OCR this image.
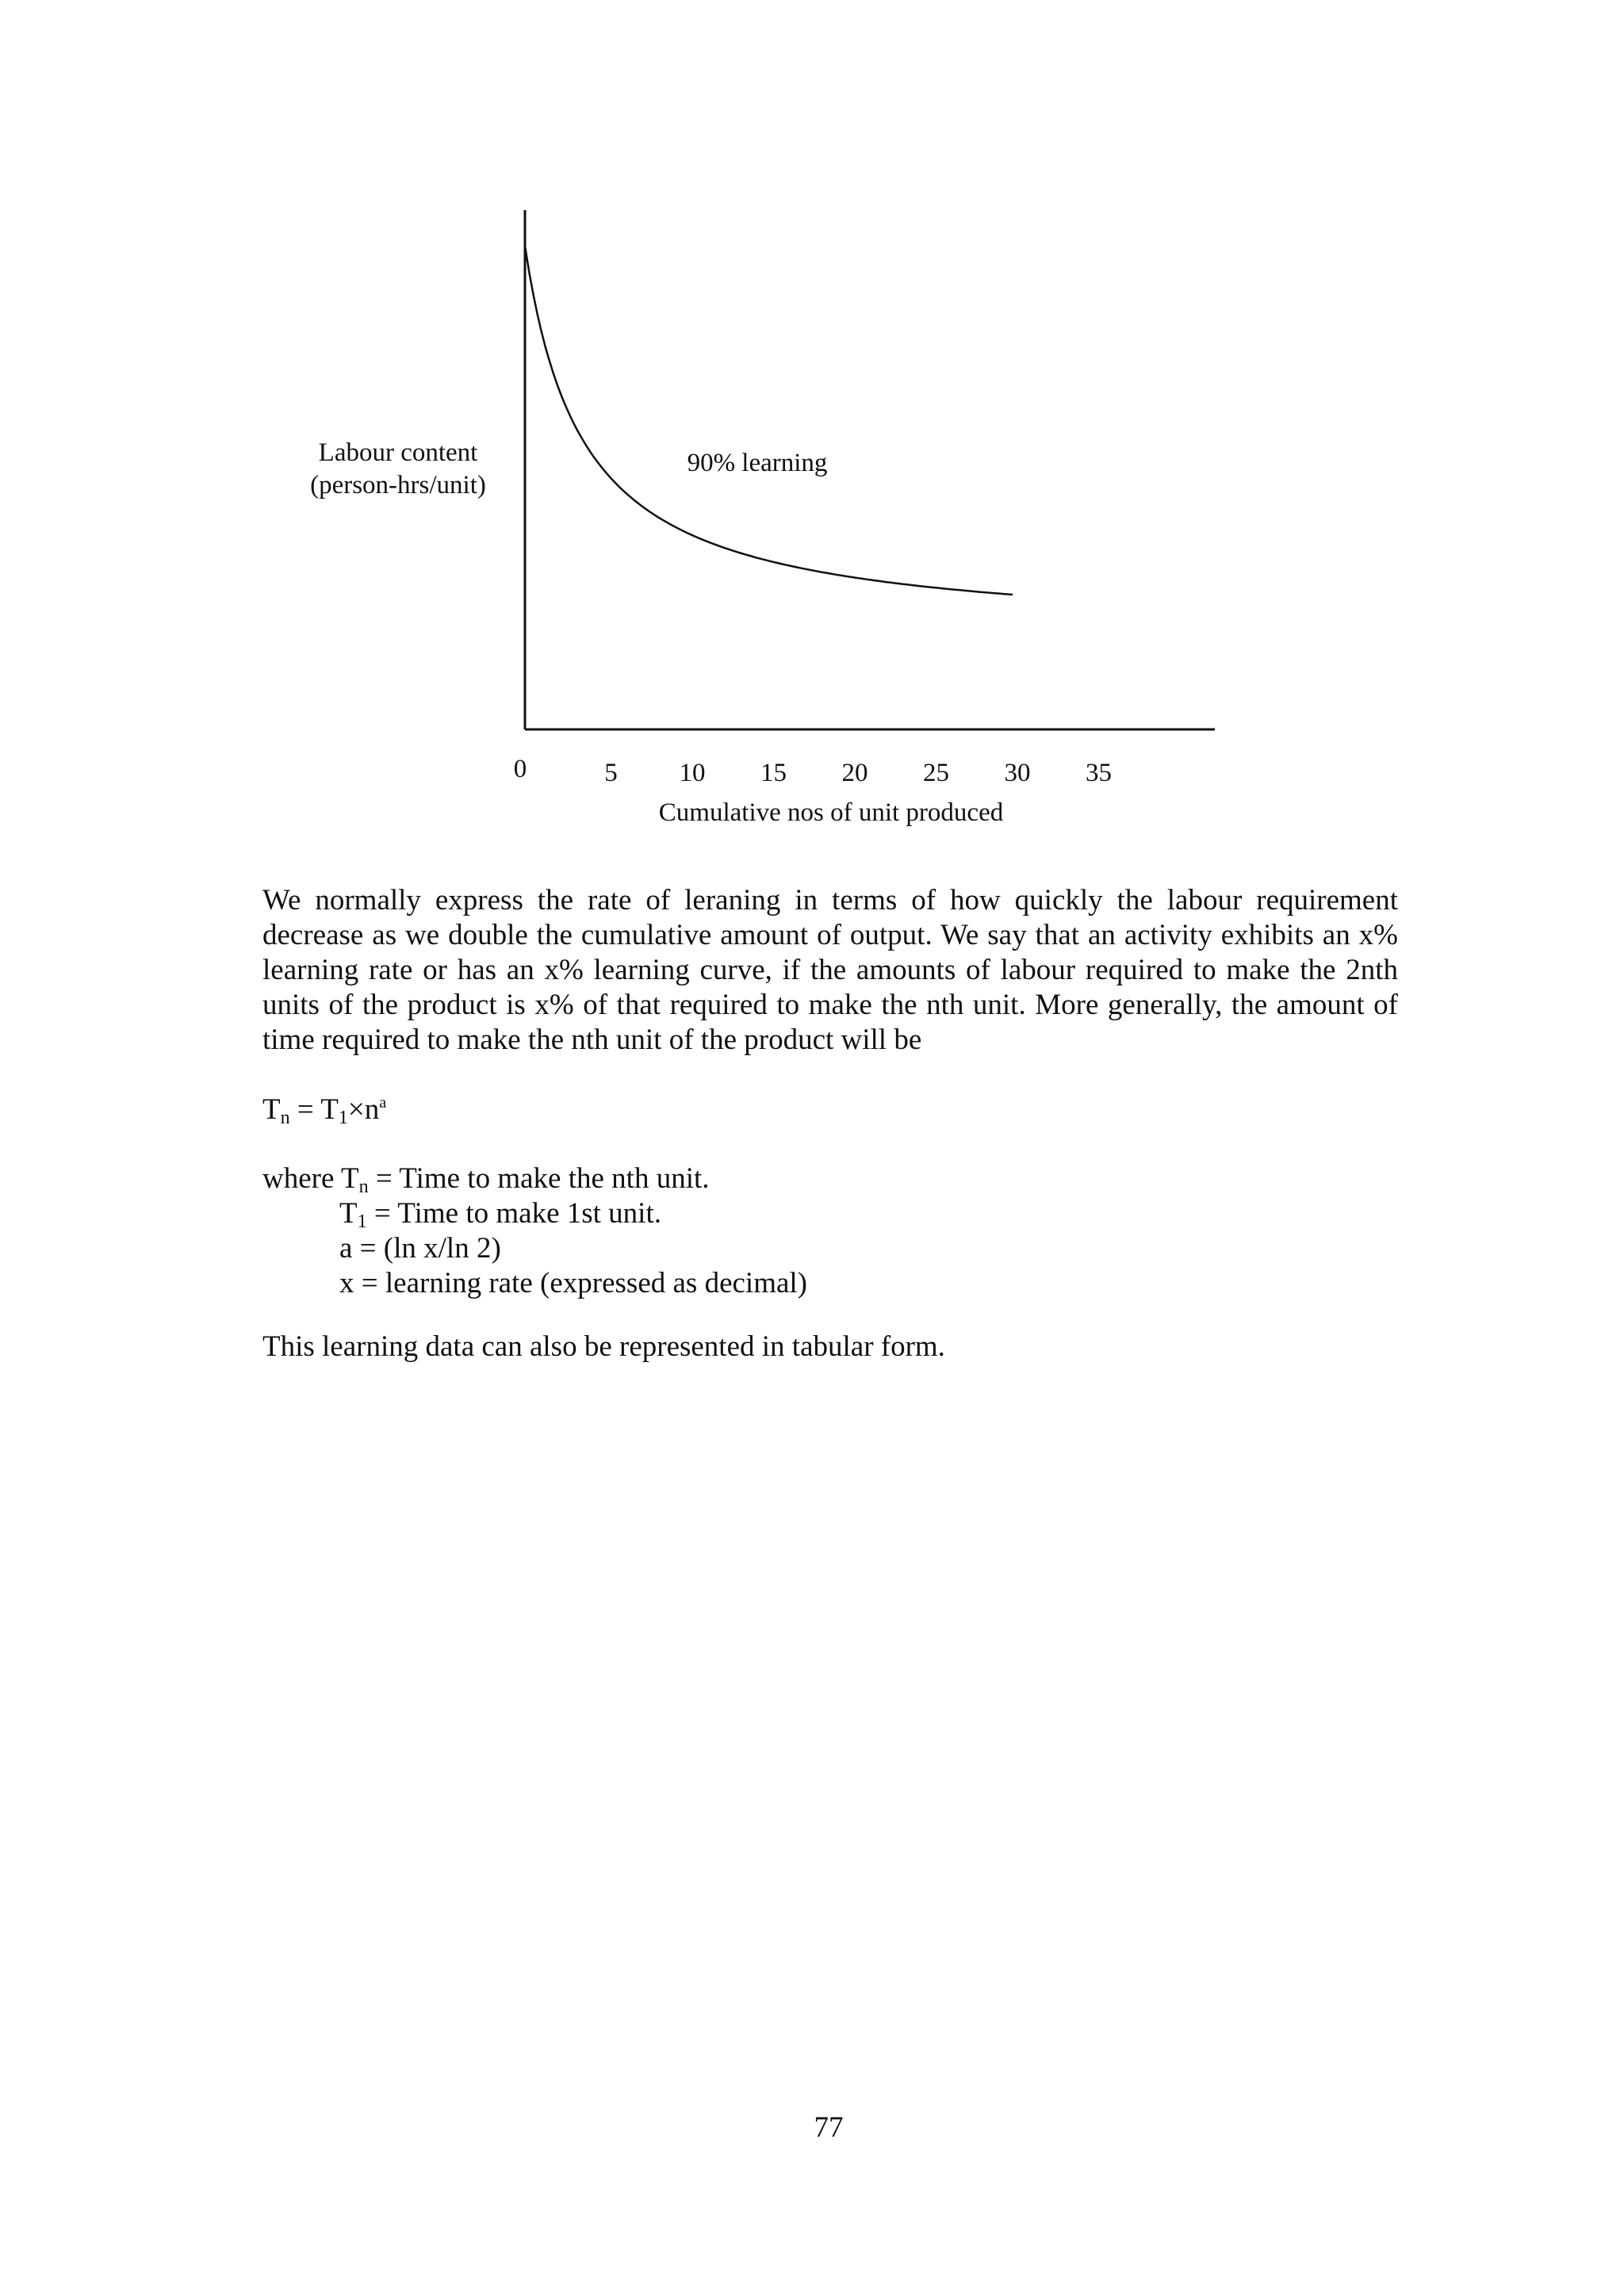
0	5 10 15 20 25 30 35
90% learning
Labour content
(person-hrs/unit)
Cumulative nos of unit produced
We normally express the rate of leraning in terms of how quickly the labour requirement decrease as we double the cumulative amount of output. We say that an activity exhibits an x% learning rate or has an x% learning curve, if the amounts of labour required to make the 2nth units of the product is x% of that required to make the nth unit. More generally, the amount of time required to make the nth unit of the product will be
$T_n = T_1\times n^a$
where $T_n$ = Time to make the nth unit.
$T_1$ = Time to make 1st unit.
a = (ln x/ln 2)
x = learning rate (expressed as decimal)
This learning data can also be represented in tabular form.
77
